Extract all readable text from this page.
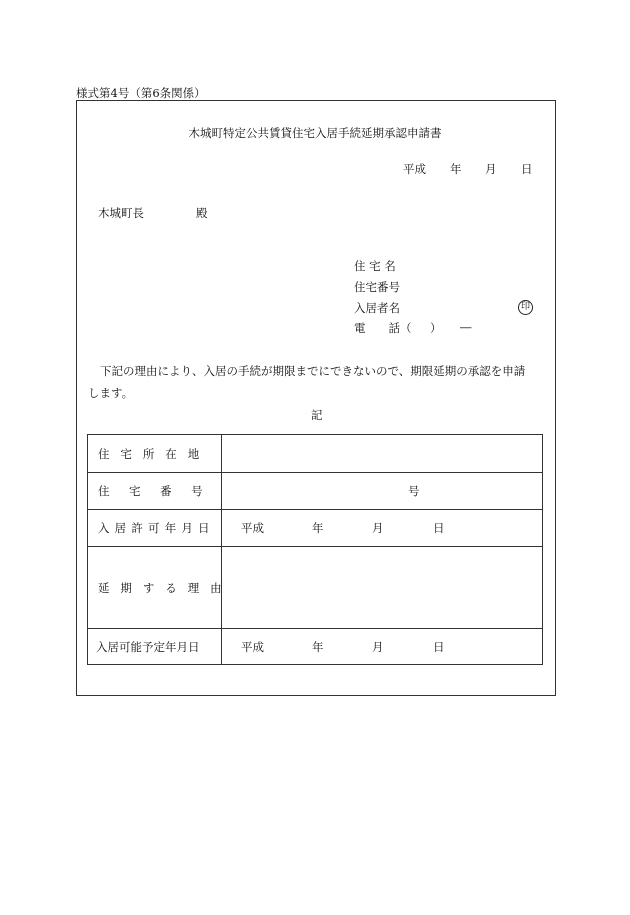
様式第4号（第6条関係）
木城町特定公共賃貸住宅入居手続延期承認申請書
平成 年 月 日
木城町長	殿
住 宅 名
住宅番号
入居者名	印
電　　話 （ ） ―
下記の理由により、入居の手続が期限までにできないので、期限延期の承認を申請
します。
記
住宅所在地
住宅番号	号
入居許可年月日 平成	年	月	日
延期する理由
入居可能予定年月日	平成	年	月	日
